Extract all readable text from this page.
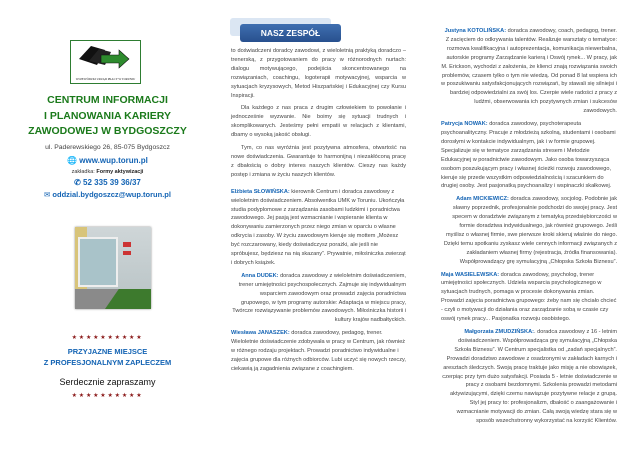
WOJEWÓDZKI URZĄD PRACY W TORUNIU
CENTRUM INFORMACJI
I PLANOWANIA KARIERY
ZAWODOWEJ W BYDGOSZCZY
ul. Paderewskiego 26, 85-075 Bydgoszcz
🌐 www.wup.torun.pl
zakładka: Formy aktywizacji
✆ 52 335 39 36/37
✉ oddzial.bydgoszcz@wup.torun.pl
★★★★★★★★★★
PRZYJAZNE MIEJSCE
Z PROFESJONALNYM ZAPLECZEM
Serdecznie zapraszamy
★★★★★★★★★★
NASZ ZESPÓŁ

to doświadczeni doradcy zawodowi, z wieloletnią praktyką doradczo – trenerską, z przygotowaniem do pracy w różnorodnych nurtach: dialogu motywującego, podejścia skoncentrowanego na rozwiązaniach, coachingu, logoterapii motywacyjnej, wsparcia w sytuacjach kryzysowych, Metod Hiszpańskiej i Edukacyjnej czy Kursu Inspiracji.

Dla każdego z nas praca z drugim człowiekiem to powołanie i jednocześnie wyzwanie. Nie boimy się sytuacji trudnych i skomplikowanych. Jesteśmy pełni empatii w relacjach z klientami, dbamy o wysoką jakość obsługi.

Tym, co nas wyróżnia jest pozytywna atmosfera, otwartość na nowe doświadczenia. Gwarantuje to harmonijną i niezakłóconą pracę z dbałością o dobry interes naszych klientów. Cieszy nas każdy postęp i zmiana w życiu naszych klientów.

Elżbieta SŁOWIŃSKA: kierownik Centrum i doradca zawodowy z wieloletnim doświadczeniem. Absolwentka UMK w Toruniu. Ukończyła studia podyplomowe z zarządzania zasobami ludzkimi i poradnictwa zawodowego. Jej pasją jest wzmacnianie i wspieranie klienta w dokonywaniu zamierzonych przez niego zmian w oparciu o własne odkrycia i zasoby. W życiu zawodowym kieruje się mottem „Możesz być rozczarowany, kiedy doświadczysz porażki, ale jeśli nie spróbujesz, będziesz na nią skazany”. Prywatnie, miłośniczka zwierząt i dobrych książek.

Anna DUDEK: doradca zawodowy z wieloletnim doświadczeniem, trener umiejętności psychospołecznych. Zajmuje się indywidualnym wsparciem zawodowym oraz prowadzi zajęcia poradnictwa grupowego, w tym programy autorskie: Adaptacja w miejscu pracy, Twórcze rozwiązywanie problemów zawodowych. Miłośniczka historii i kultury krajów nadbałtyckich.

Wiesława JANASZEK: doradca zawodowy, pedagog, trener. Wieloletnie doświadczenie zdobywała w pracy w Centrum, jak również w różnego rodzaju projektach. Prowadzi poradnictwo indywidualne i zajęcia grupowe dla różnych odbiorców. Lubi uczyć się nowych rzeczy, ciekawią ją zagadnienia związane z coachingiem.

Justyna KOTOLIŃSKA: doradca zawodowy, coach, pedagog, trener. Z zacięciem do odkrywania talentów. Realizuje warsztaty o tematyce: rozmowa kwalifikacyjna i autoprezentacja, komunikacja niewerbalna, autorskie programy Zarządzanie karierą i Oswój rynek... W pracy, jak M. Erickson, wychodzi z założenia, że klienci znają rozwiązania swoich problemów, czasem tylko o tym nie wiedzą. Od ponad 8 lat wspiera ich w poszukiwaniu satysfakcjonujących rozwiązań, by stawali się silniejsi i bardziej odpowiedzialni za swój los. Czerpie wiele radości z pracy z ludźmi, obserwowania ich pozytywnych zmian i sukcesów zawodowych.

Patrycja NOWAK: doradca zawodowy, psychoterapeuta psychoanalityczny. Pracuje z młodzieżą szkolną, studentami i osobami dorosłymi w kontakcie indywidualnym, jak i w formie grupowej. Specjalizuje się w tematyce zarządzania stresem i Metodzie Edukacyjnej w poradnictwie zawodowym. Jako osoba towarzysząca osobom poszukującym pracy i własnej ścieżki rozwoju zawodowego, kieruje się przede wszystkim odpowiedzialnością i szacunkiem do drugiej osoby. Jest pasjonatką psychoanalizy i wspinaczki skałkowej.

Adam MICKIEWICZ: doradca zawodowy, socjolog. Podobnie jak sławny poprzednik, profesjonalnie podchodzi do swojej pracy. Jest specem w doradztwie związanym z tematyką przedsiębiorczości w formie doradztwa indywidualnego, jak również grupowego. Jeśli myślisz o własnej firmie, swe pierwsze kroki skieruj właśnie do niego. Dzięki temu spotkaniu zyskasz wiele cennych informacji związanych z zakładaniem własnej firmy (rejestracja, źródła finansowania). Współprowadzący grę symulacyjną „Chłopska Szkoła Biznesu”.

Maja WASIELEWSKA: doradca zawodowy, psycholog, trener umiejętności społecznych. Udziela wsparcia psychologicznego w sytuacjach trudnych, pomaga w procesie dokonywania zmian. Prowadzi zajęcia poradnictwa grupowego: żeby nam się chciało chcieć - czyli o motywacji do działania oraz zarządzanie sobą w czasie czy oswój rynek pracy... Pasjonatka rozwoju osobistego.

Małgorzata ZMUDZIŃSKA:. doradca zawodowy z 16 - letnim doświadczeniem. Współprowadząca grę symulacyjną „Chłopska Szkoła Biznesu”. W Centrum specjalistka od „zadań specjalnych”. Prowadzi doradztwo zawodowe z osadzonymi w zakładach karnych i aresztach śledczych. Swoją pracę traktuje jako misję a nie obowiązek, czerpiąc przy tym dużo satysfakcji. Posiada 5 - letnie doświadczenie w pracy z osobami bezdomnymi. Szkolenia prowadzi metodami aktywizującymi, dzięki czemu nawiązuje pozytywne relacje z grupą. Styl jej pracy to: profesjonalizm, dbałość o zaangażowanie i wzmacnianie motywacji do zmian. Całą swoją wiedzę stara się w sposób wszechstronny wykorzystać na korzyść Klientów.
